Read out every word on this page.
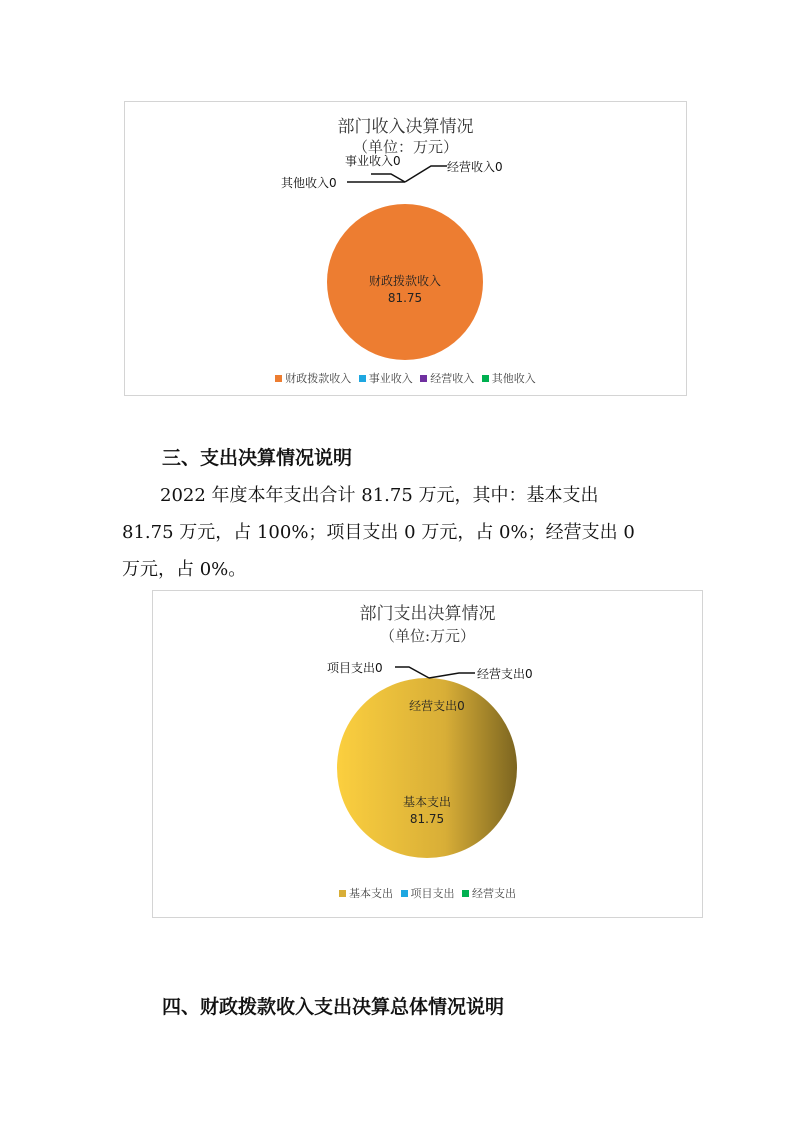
部门收入决算情况
（单位：万元）
事业收入0	经营收入0
其他收入0
财政拨款收入
81.75
财政拨款收入 事业收入 经营收入 其他收入
三、支出决算情况说明
2022 年度本年支出合计 81.75 万元，其中：基本支出
81.75 万元，占 100%；项目支出 0 万元，占 0%；经营支出 0
万元，占 0%。
部门支出决算情况
（单位:万元）
项目支出0	经营支出0
经营支出0
基本支出
81.75
基本支出 项目支出 经营支出
四、财政拨款收入支出决算总体情况说明
